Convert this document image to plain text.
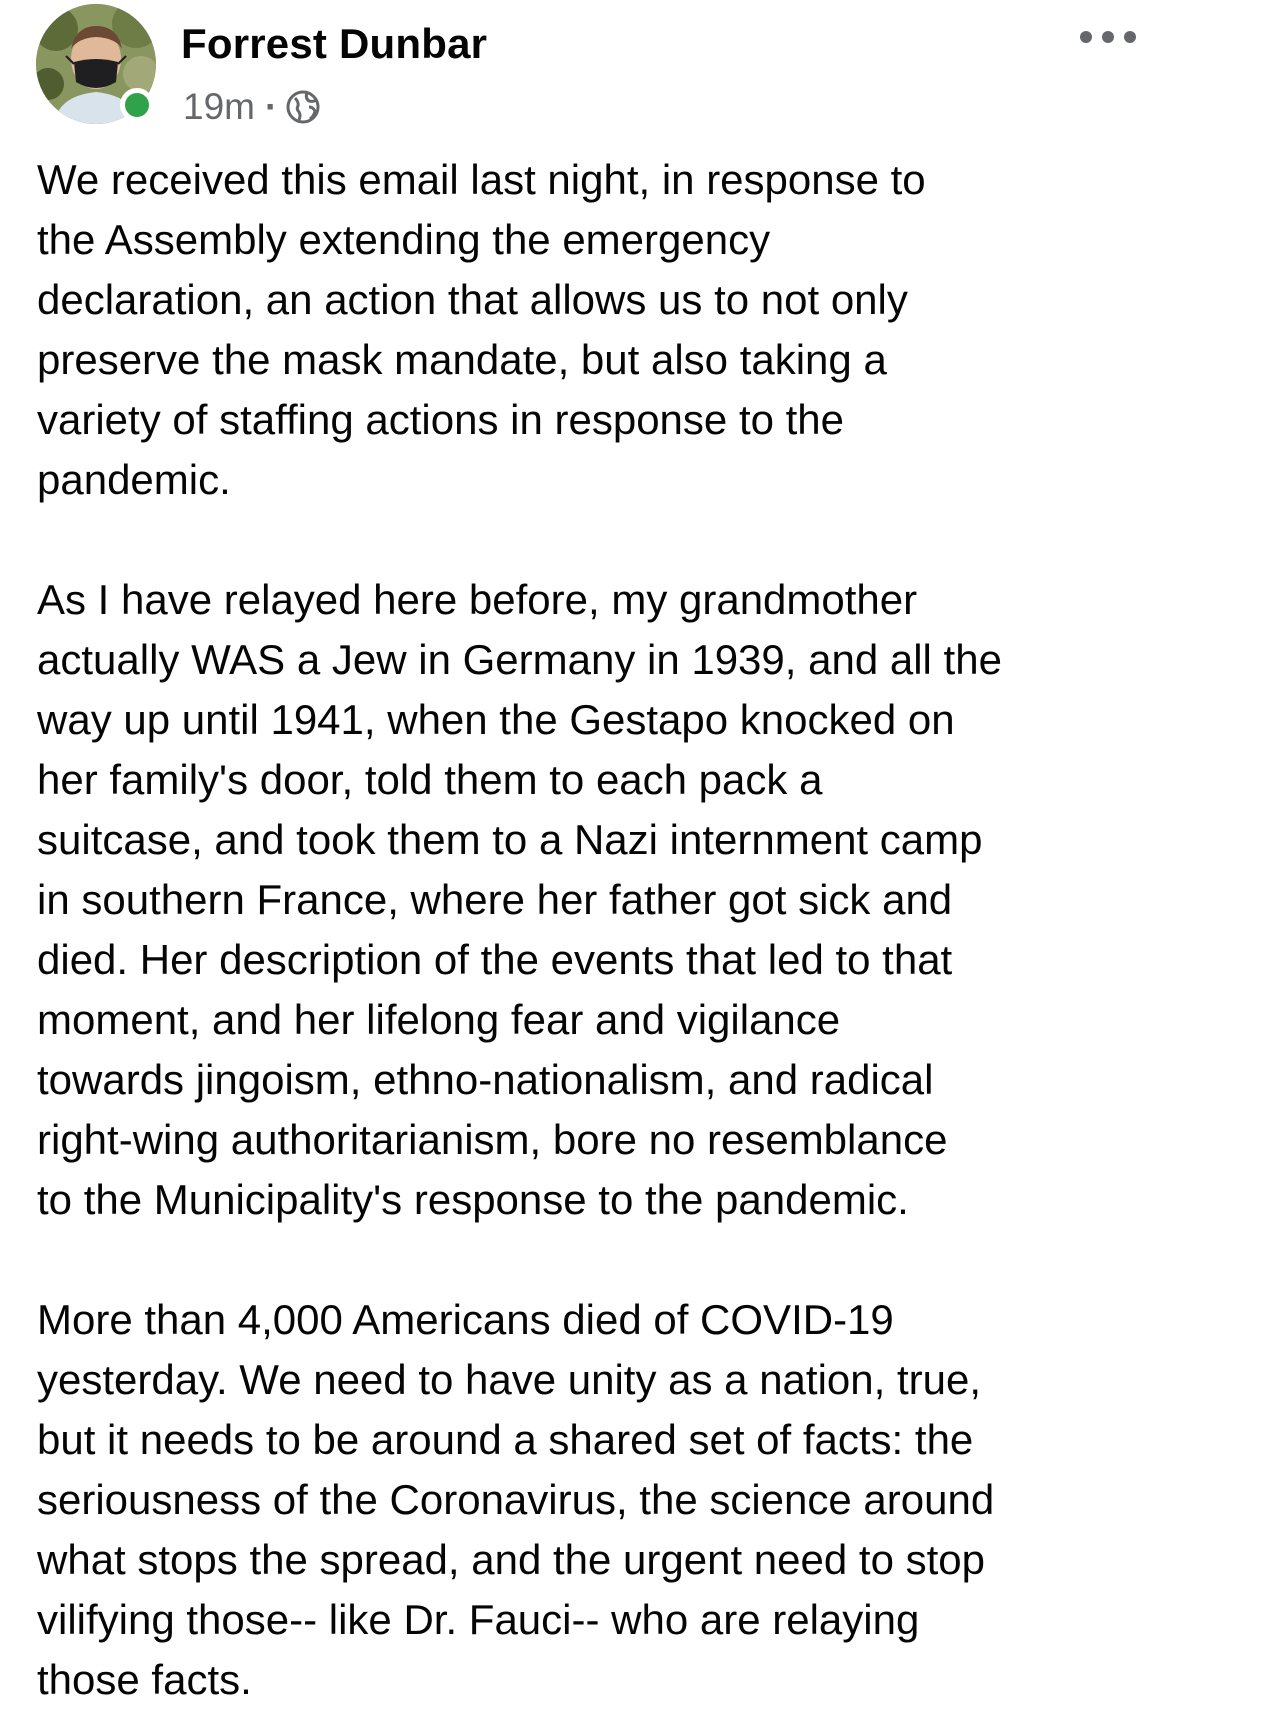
Forrest Dunbar
19m ·

We received this email last night, in response to
the Assembly extending the emergency
declaration, an action that allows us to not only
preserve the mask mandate, but also taking a
variety of staffing actions in response to the
pandemic.

As I have relayed here before, my grandmother
actually WAS a Jew in Germany in 1939, and all the
way up until 1941, when the Gestapo knocked on
her family's door, told them to each pack a
suitcase, and took them to a Nazi internment camp
in southern France, where her father got sick and
died. Her description of the events that led to that
moment, and her lifelong fear and vigilance
towards jingoism, ethno-nationalism, and radical
right-wing authoritarianism, bore no resemblance
to the Municipality's response to the pandemic.

More than 4,000 Americans died of COVID-19
yesterday. We need to have unity as a nation, true,
but it needs to be around a shared set of facts: the
seriousness of the Coronavirus, the science around
what stops the spread, and the urgent need to stop
vilifying those-- like Dr. Fauci-- who are relaying
those facts.
